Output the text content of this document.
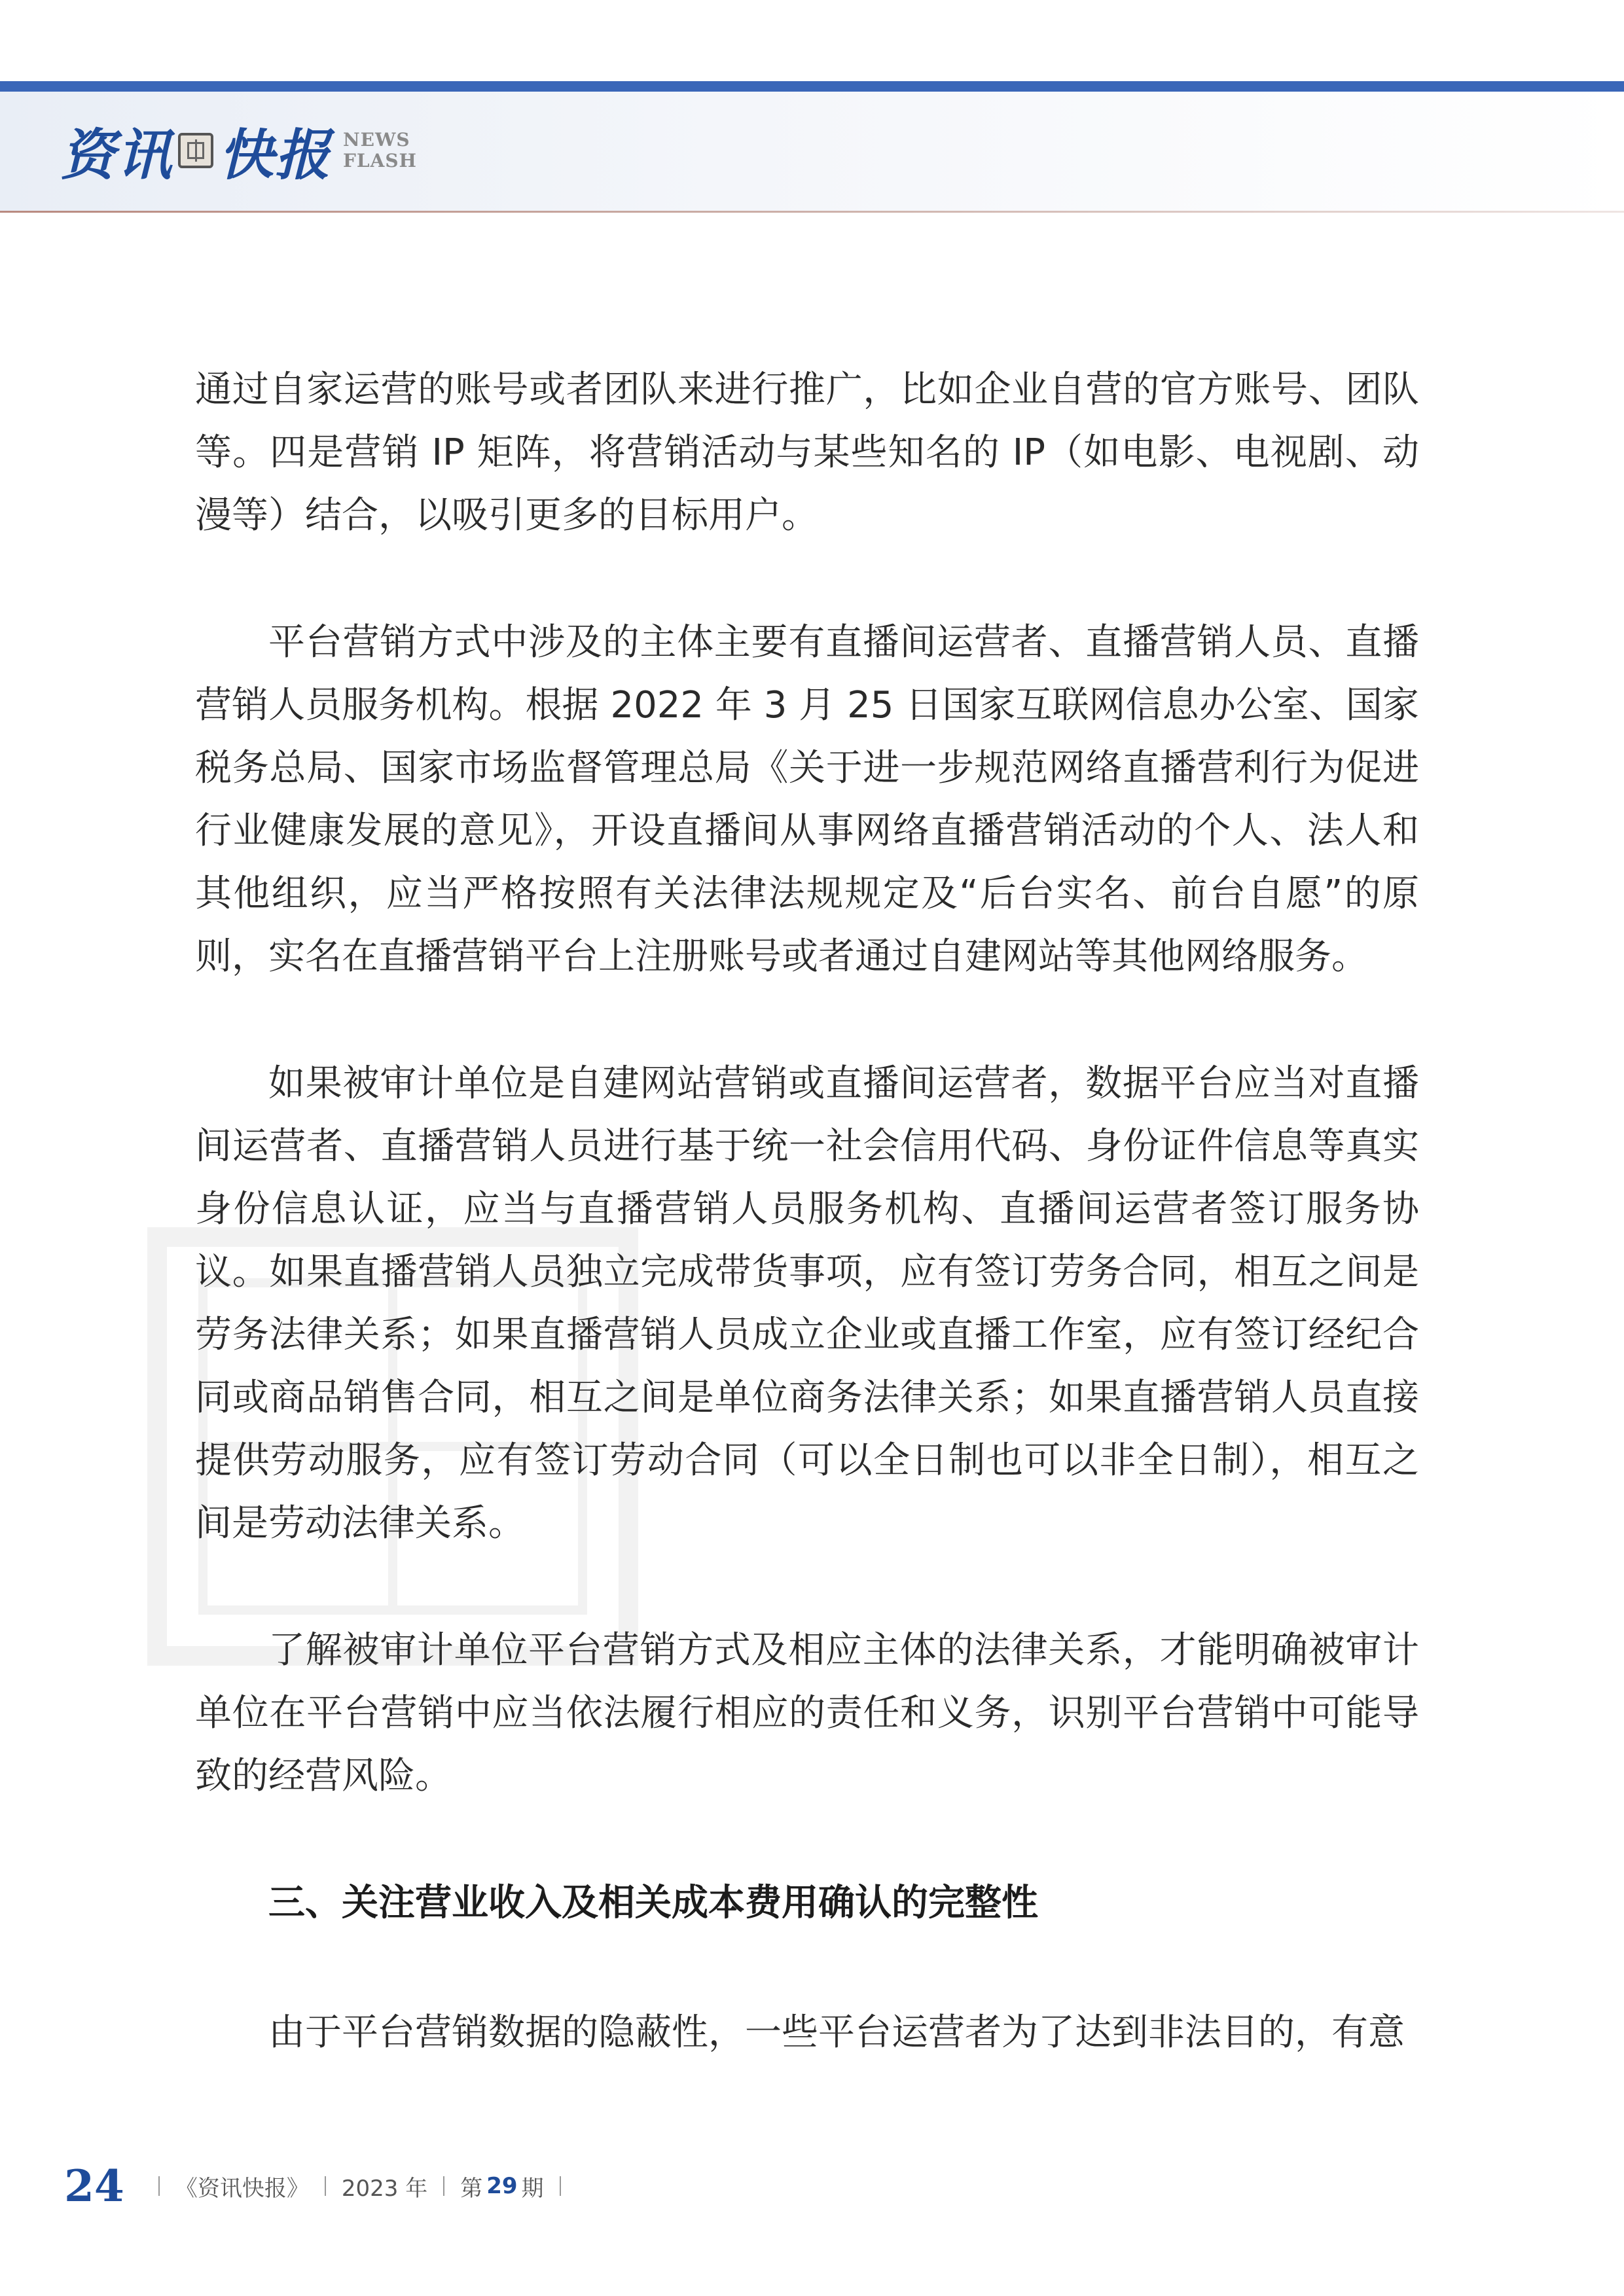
资讯 快报 NEWS
FLASH

通过自家运营的账号或者团队来进行推广，比如企业自营的官方账号、团队等。四是营销 IP 矩阵，将营销活动与某些知名的 IP（如电影、电视剧、动漫等）结合，以吸引更多的目标用户。

平台营销方式中涉及的主体主要有直播间运营者、直播营销人员、直播营销人员服务机构。根据 2022 年 3 月 25 日国家互联网信息办公室、国家税务总局、国家市场监督管理总局《关于进一步规范网络直播营利行为促进行业健康发展的意见》，开设直播间从事网络直播营销活动的个人、法人和其他组织，应当严格按照有关法律法规规定及“后台实名、前台自愿”的原则，实名在直播营销平台上注册账号或者通过自建网站等其他网络服务。

如果被审计单位是自建网站营销或直播间运营者，数据平台应当对直播间运营者、直播营销人员进行基于统一社会信用代码、身份证件信息等真实身份信息认证，应当与直播营销人员服务机构、直播间运营者签订服务协议。如果直播营销人员独立完成带货事项，应有签订劳务合同，相互之间是劳务法律关系；如果直播营销人员成立企业或直播工作室，应有签订经纪合同或商品销售合同，相互之间是单位商务法律关系；如果直播营销人员直接提供劳动服务，应有签订劳动合同（可以全日制也可以非全日制），相互之间是劳动法律关系。

了解被审计单位平台营销方式及相应主体的法律关系，才能明确被审计单位在平台营销中应当依法履行相应的责任和义务，识别平台营销中可能导致的经营风险。

三、关注营业收入及相关成本费用确认的完整性

由于平台营销数据的隐蔽性，一些平台运营者为了达到非法目的，有意

24 《资讯快报》 2023 年 第 29 期
